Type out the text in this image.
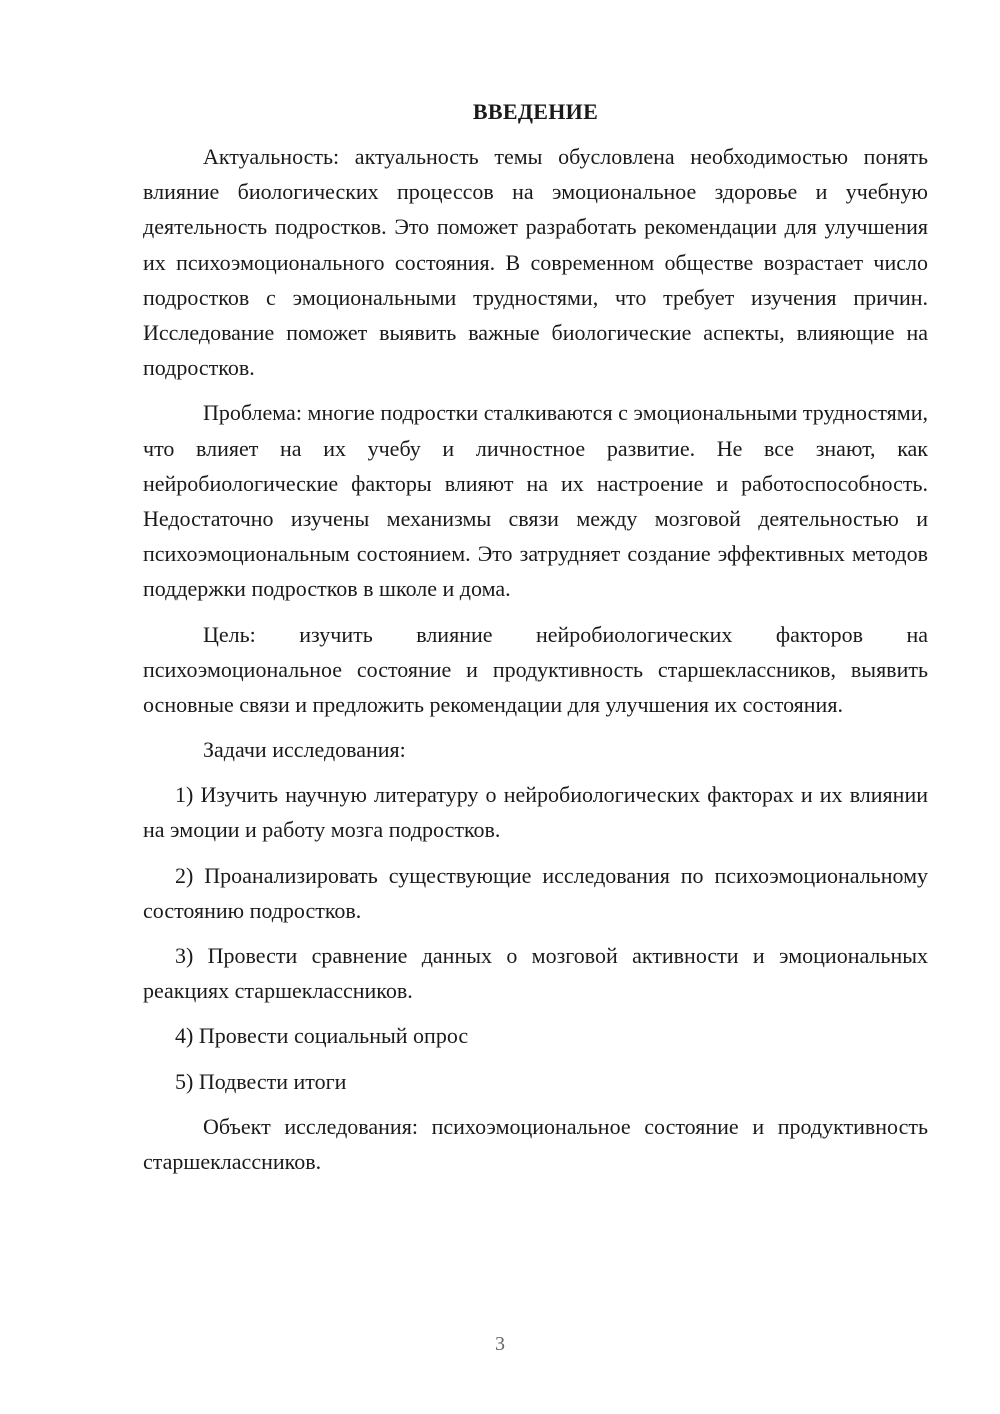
ВВЕДЕНИЕ

Актуальность: актуальность темы обусловлена необходимостью понять влияние биологических процессов на эмоциональное здоровье и учебную деятельность подростков. Это поможет разработать рекомендации для улучшения их психоэмоционального состояния. В современном обществе возрастает число подростков с эмоциональными трудностями, что требует изучения причин. Исследование поможет выявить важные биологические аспекты, влияющие на подростков.

Проблема: многие подростки сталкиваются с эмоциональными трудностями, что влияет на их учебу и личностное развитие. Не все знают, как нейробиологические факторы влияют на их настроение и работоспособность. Недостаточно изучены механизмы связи между мозговой деятельностью и психоэмоциональным состоянием. Это затрудняет создание эффективных методов поддержки подростков в школе и дома.

Цель: изучить влияние нейробиологических факторов на психоэмоциональное состояние и продуктивность старшеклассников, выявить основные связи и предложить рекомендации для улучшения их состояния.

Задачи исследования:

1) Изучить научную литературу о нейробиологических факторах и их влиянии на эмоции и работу мозга подростков.

2) Проанализировать существующие исследования по психоэмоциональному состоянию подростков.

3) Провести сравнение данных о мозговой активности и эмоциональных реакциях старшеклассников.

4) Провести социальный опрос

5) Подвести итоги

Объект исследования: психоэмоциональное состояние и продуктивность старшеклассников.

3
